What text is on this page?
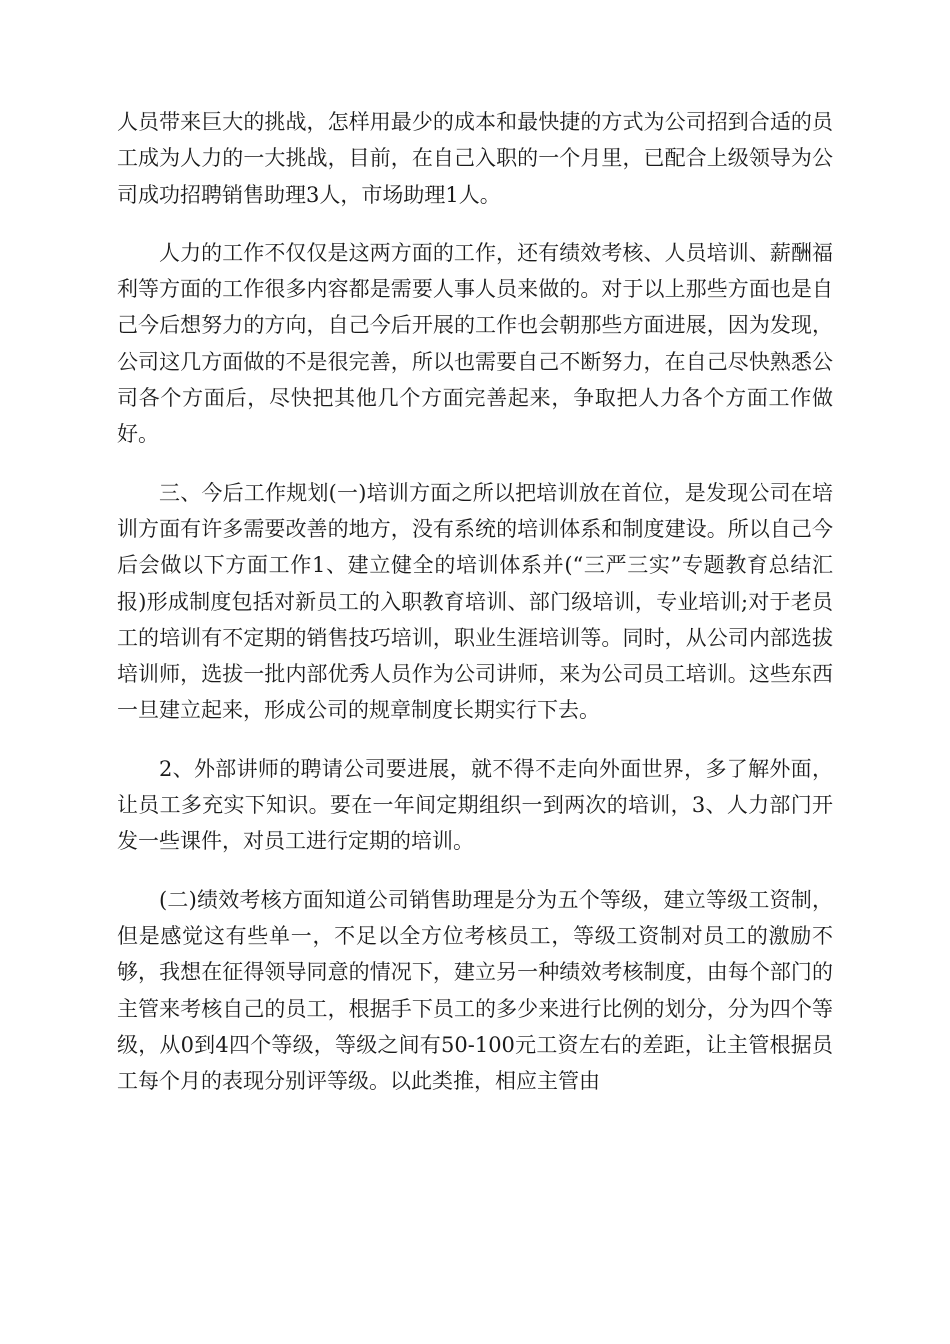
人员带来巨大的挑战，怎样用最少的成本和最快捷的方式为公司招到合适的员工成为人力的一大挑战，目前，在自己入职的一个月里，已配合上级领导为公司成功招聘销售助理3人，市场助理1人。

人力的工作不仅仅是这两方面的工作，还有绩效考核、人员培训、薪酬福利等方面的工作很多内容都是需要人事人员来做的。对于以上那些方面也是自己今后想努力的方向，自己今后开展的工作也会朝那些方面进展，因为发现，公司这几方面做的不是很完善，所以也需要自己不断努力，在自己尽快熟悉公司各个方面后，尽快把其他几个方面完善起来，争取把人力各个方面工作做好。

三、今后工作规划(一)培训方面之所以把培训放在首位，是发现公司在培训方面有许多需要改善的地方，没有系统的培训体系和制度建设。所以自己今后会做以下方面工作1、建立健全的培训体系并(“三严三实”专题教育总结汇报)形成制度包括对新员工的入职教育培训、部门级培训，专业培训;对于老员工的培训有不定期的销售技巧培训，职业生涯培训等。同时，从公司内部选拔培训师，选拔一批内部优秀人员作为公司讲师，来为公司员工培训。这些东西一旦建立起来，形成公司的规章制度长期实行下去。

2、外部讲师的聘请公司要进展，就不得不走向外面世界，多了解外面，让员工多充实下知识。要在一年间定期组织一到两次的培训，3、人力部门开发一些课件，对员工进行定期的培训。

(二)绩效考核方面知道公司销售助理是分为五个等级，建立等级工资制，但是感觉这有些单一，不足以全方位考核员工，等级工资制对员工的激励不够，我想在征得领导同意的情况下，建立另一种绩效考核制度，由每个部门的主管来考核自己的员工，根据手下员工的多少来进行比例的划分，分为四个等级，从0到4四个等级，等级之间有50-100元工资左右的差距，让主管根据员工每个月的表现分别评等级。以此类推，相应主管由
